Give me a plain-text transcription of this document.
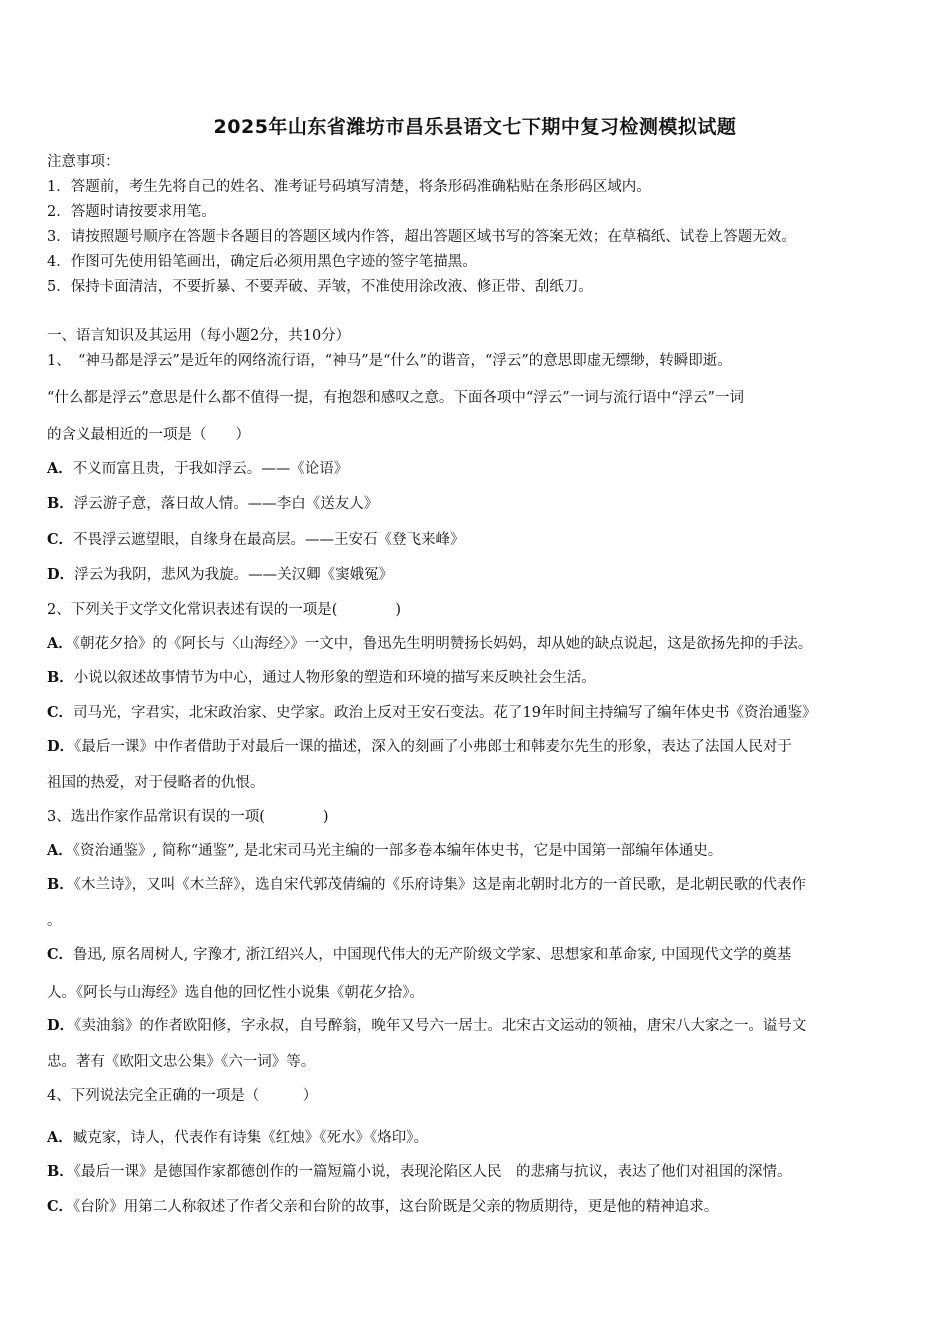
2025年山东省潍坊市昌乐县语文七下期中复习检测模拟试题
注意事项：
1．答题前，考生先将自己的姓名、准考证号码填写清楚，将条形码准确粘贴在条形码区域内。
2．答题时请按要求用笔。
3．请按照题号顺序在答题卡各题目的答题区域内作答，超出答题区域书写的答案无效；在草稿纸、试卷上答题无效。
4．作图可先使用铅笔画出，确定后必须用黑色字迹的签字笔描黑。
5．保持卡面清洁，不要折暴、不要弄破、弄皱，不准使用涂改液、修正带、刮纸刀。
一、语言知识及其运用（每小题2分，共10分）
1、　“神马都是浮云”是近年的网络流行语，“神马”是“什么”的谐音，“浮云”的意思即虚无缥缈，转瞬即逝。
“什么都是浮云”意思是什么都不值得一提，有抱怨和感叹之意。下面各项中“浮云”一词与流行语中“浮云”一词
的含义最相近的一项是（　　）
A．不义而富且贵，于我如浮云。——《论语》
B．浮云游子意，落日故人情。——李白《送友人》
C．不畏浮云遮望眼，自缘身在最高层。——王安石《登飞来峰》
D．浮云为我阴，悲风为我旋。——关汉卿《窦娥冤》
2、下列关于文学文化常识表述有误的一项是(　　　　)
A．《朝花夕拾》的《阿长与〈山海经〉》一文中，鲁迅先生明明赞扬长妈妈，却从她的缺点说起，这是欲扬先抑的手法。
B．小说以叙述故事情节为中心，通过人物形象的塑造和环境的描写来反映社会生活。
C．司马光，字君实，北宋政治家、史学家。政治上反对王安石变法。花了19年时间主持编写了编年体史书《资治通鉴》
D．《最后一课》中作者借助于对最后一课的描述，深入的刻画了小弗郎士和韩麦尔先生的形象，表达了法国人民对于
祖国的热爱，对于侵略者的仇恨。
3、选出作家作品常识有误的一项(　　　　)
A．《资治通鉴》, 简称“通鉴”, 是北宋司马光主编的一部多卷本编年体史书，它是中国第一部编年体通史。
B．《木兰诗》，又叫《木兰辞》，选自宋代郭茂倩编的《乐府诗集》这是南北朝时北方的一首民歌，是北朝民歌的代表作
。
C．鲁迅, 原名周树人, 字豫才, 浙江绍兴人，中国现代伟大的无产阶级文学家、思想家和革命家, 中国现代文学的奠基
人。《阿长与山海经》选自他的回忆性小说集《朝花夕拾》。
D．《卖油翁》的作者欧阳修，字永叔，自号醉翁，晚年又号六一居士。北宋古文运动的领袖，唐宋八大家之一。谥号文
忠。著有《欧阳文忠公集》《六一词》等。
4、下列说法完全正确的一项是（　　　）
A．臧克家，诗人，代表作有诗集《红烛》《死水》《烙印》。
B．《最后一课》是德国作家都德创作的一篇短篇小说，表现沦陷区人民　的悲痛与抗议，表达了他们对祖国的深情。
C．《台阶》用第二人称叙述了作者父亲和台阶的故事，这台阶既是父亲的物质期待，更是他的精神追求。
